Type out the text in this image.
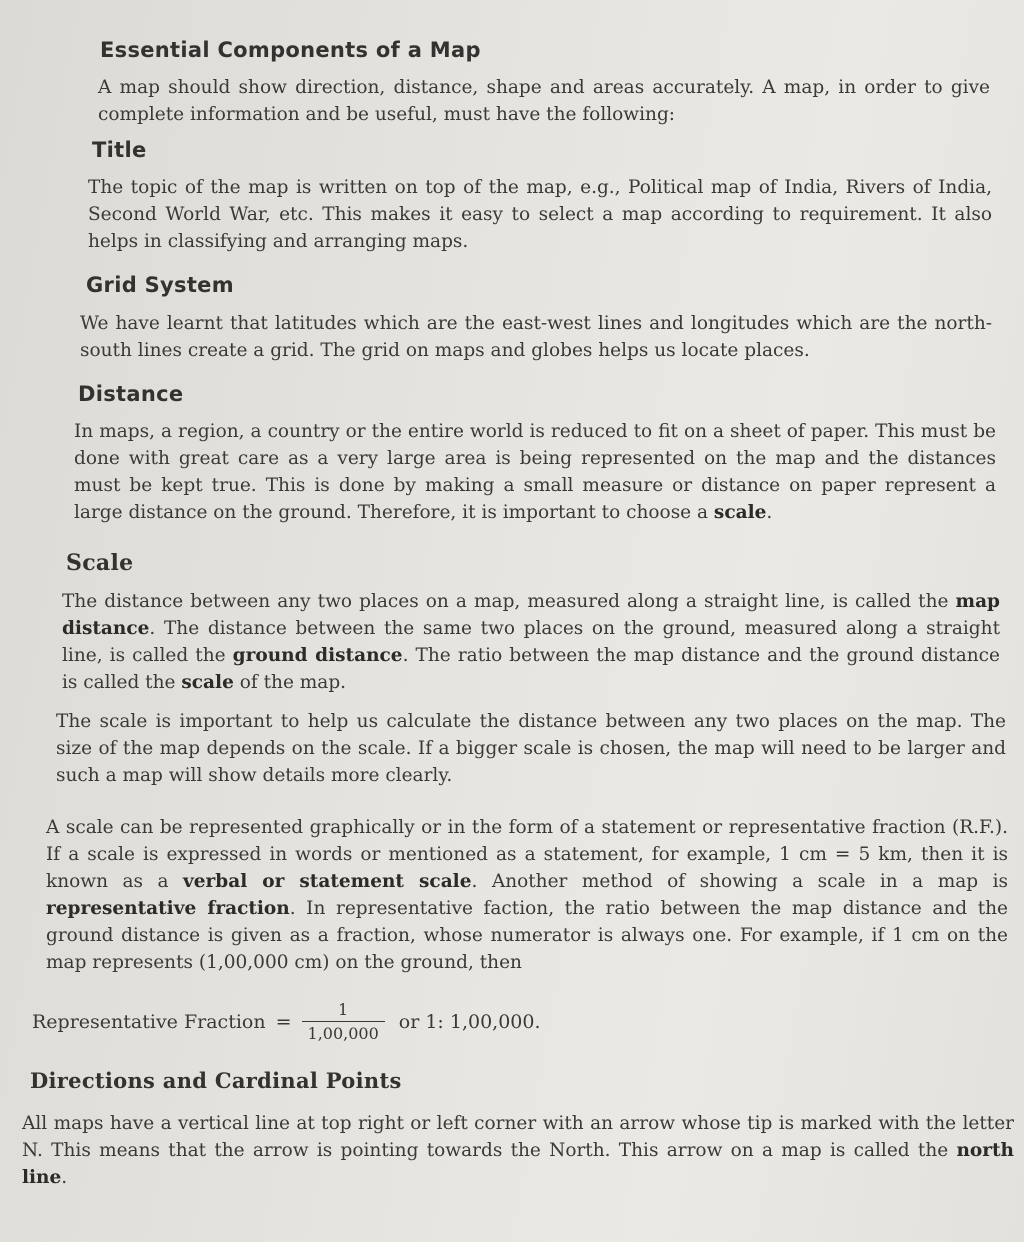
Essential Components of a Map

A map should show direction, distance, shape and areas accurately. A map, in order to give complete information and be useful, must have the following:

Title

The topic of the map is written on top of the map, e.g., Political map of India, Rivers of India, Second World War, etc. This makes it easy to select a map according to requirement. It also helps in classifying and arranging maps.

Grid System

We have learnt that latitudes which are the east-west lines and longitudes which are the north-south lines create a grid. The grid on maps and globes helps us locate places.

Distance

In maps, a region, a country or the entire world is reduced to fit on a sheet of paper. This must be done with great care as a very large area is being represented on the map and the distances must be kept true. This is done by making a small measure or distance on paper represent a large distance on the ground. Therefore, it is important to choose a scale.

Scale

The distance between any two places on a map, measured along a straight line, is called the map distance. The distance between the same two places on the ground, measured along a straight line, is called the ground distance. The ratio between the map distance and the ground distance is called the scale of the map.

The scale is important to help us calculate the distance between any two places on the map. The size of the map depends on the scale. If a bigger scale is chosen, the map will need to be larger and such a map will show details more clearly.

A scale can be represented graphically or in the form of a statement or representative fraction (R.F.). If a scale is expressed in words or mentioned as a statement, for example, 1 cm = 5 km, then it is known as a verbal or statement scale. Another method of showing a scale in a map is representative fraction. In representative faction, the ratio between the map distance and the ground distance is given as a fraction, whose numerator is always one. For example, if 1 cm on the map represents (1,00,000 cm) on the ground, then

Representative Fraction = $\frac{1}{1,00,000}$ or 1: 1,00,000.
Directions and Cardinal Points

All maps have a vertical line at top right or left corner with an arrow whose tip is marked with the letter N. This means that the arrow is pointing towards the North. This arrow on a map is called the north line.
